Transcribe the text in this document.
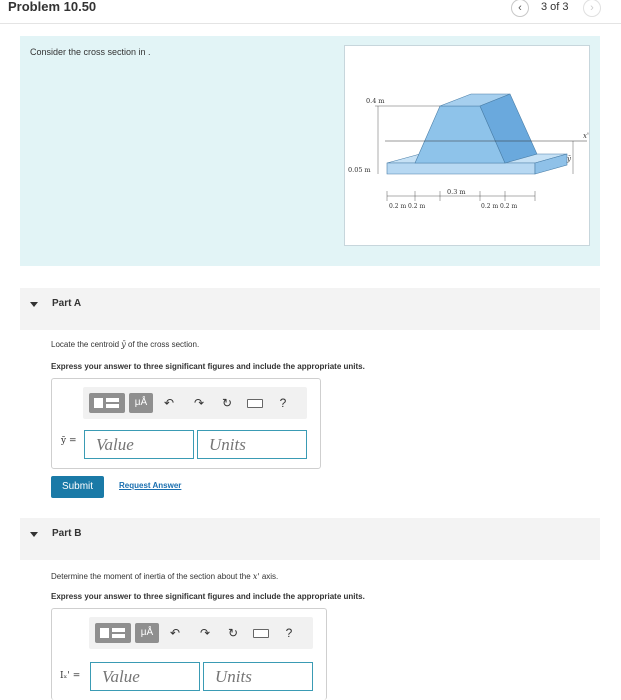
Problem 10.50	‹	3 of 3	›
Consider the cross section in .
x'
0.4 m
0.05 m
ȳ
0.3 m
0.2 m 0.2 m	0.2 m 0.2 m
Part A
Locate the centroid ȳ of the cross section.
Express your answer to three significant figures and include the appropriate units.
μÅ	↶ ↷ ↻	?
ȳ =
Value
Units
Submit	Request Answer
Part B
Determine the moment of inertia of the section about the x' axis.
Express your answer to three significant figures and include the appropriate units.
μÅ	↶ ↷ ↻	?
Iₓ' =
Value
Units
